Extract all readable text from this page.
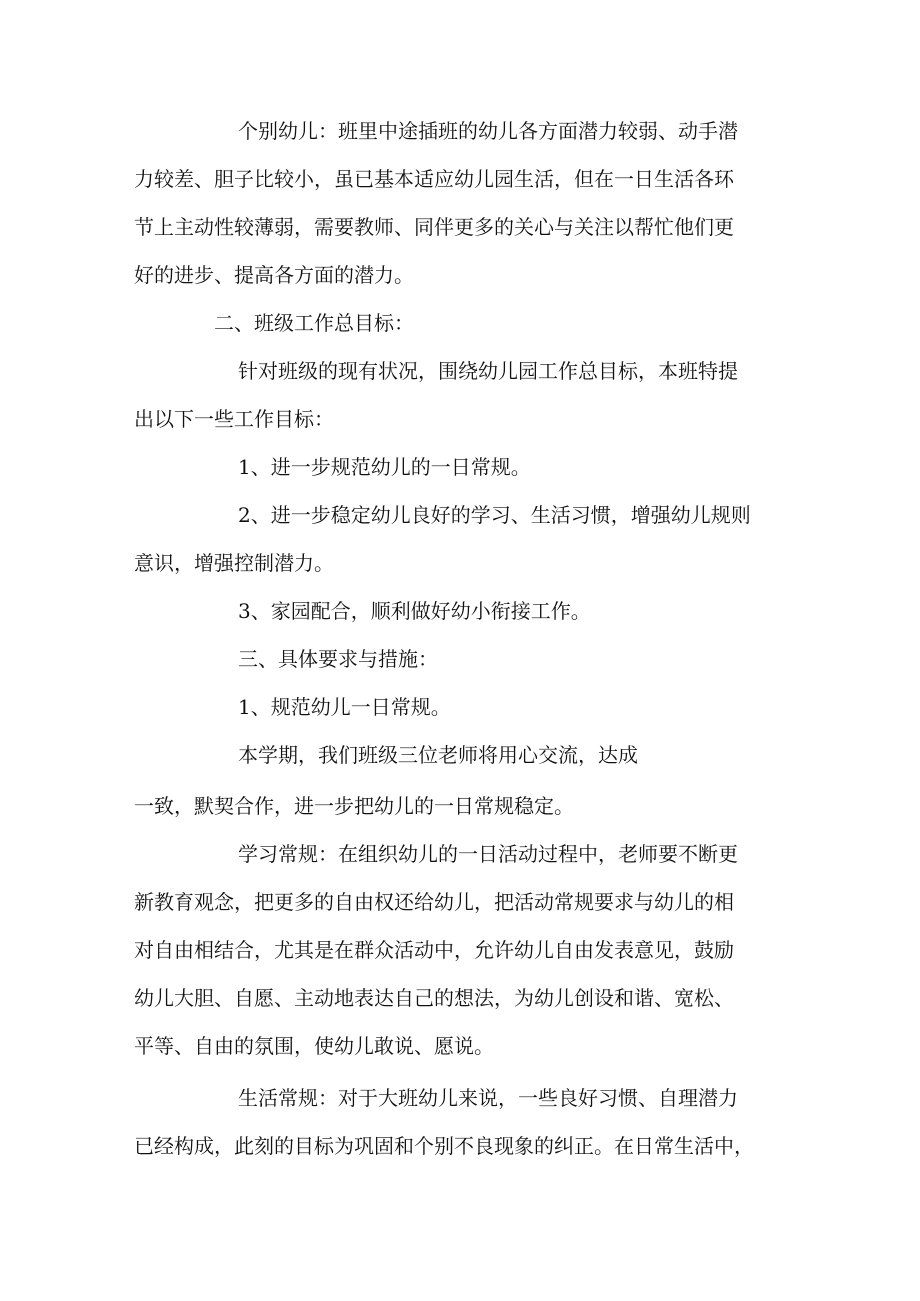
个别幼儿：班里中途插班的幼儿各方面潜力较弱、动手潜
力较差、胆子比较小，虽已基本适应幼儿园生活，但在一日生活各环
节上主动性较薄弱，需要教师、同伴更多的关心与关注以帮忙他们更
好的进步、提高各方面的潜力。
二、班级工作总目标：
针对班级的现有状况，围绕幼儿园工作总目标，本班特提
出以下一些工作目标：
1、进一步规范幼儿的一日常规。
2、进一步稳定幼儿良好的学习、生活习惯，增强幼儿规则
意识，增强控制潜力。
3、家园配合，顺利做好幼小衔接工作。
三、具体要求与措施：
1、规范幼儿一日常规。
本学期，我们班级三位老师将用心交流，达成
一致，默契合作，进一步把幼儿的一日常规稳定。
学习常规：在组织幼儿的一日活动过程中，老师要不断更
新教育观念，把更多的自由权还给幼儿，把活动常规要求与幼儿的相
对自由相结合，尤其是在群众活动中，允许幼儿自由发表意见，鼓励
幼儿大胆、自愿、主动地表达自己的想法，为幼儿创设和谐、宽松、
平等、自由的氛围，使幼儿敢说、愿说。
生活常规：对于大班幼儿来说，一些良好习惯、自理潜力
已经构成，此刻的目标为巩固和个别不良现象的纠正。在日常生活中，
